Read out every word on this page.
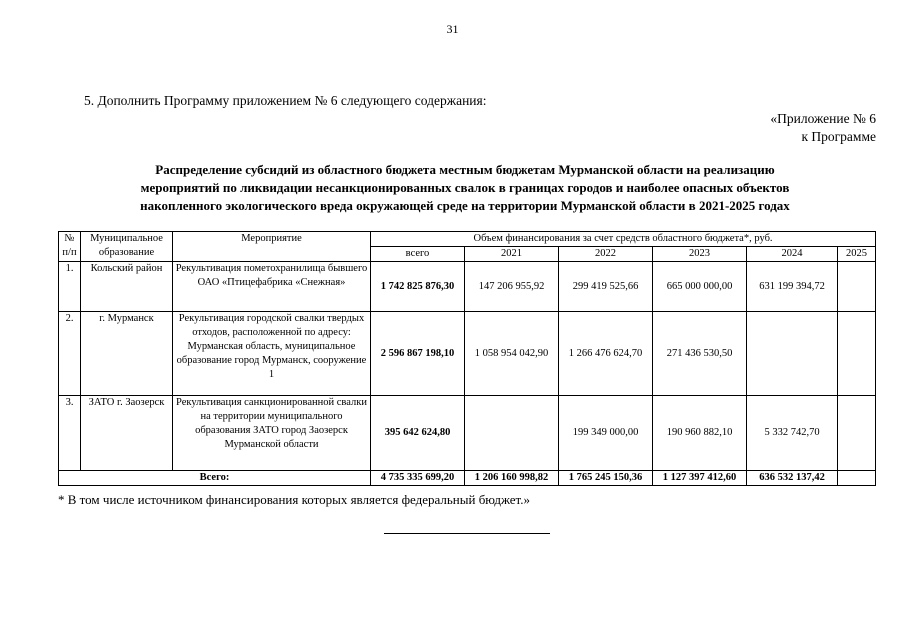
31
5. Дополнить Программу приложением № 6 следующего содержания:
«Приложение № 6
к Программе
Распределение субсидий из областного бюджета местным бюджетам Мурманской области на реализацию
мероприятий по ликвидации несанкционированных свалок в границах городов и наиболее опасных объектов
накопленного экологического вреда окружающей среде на территории Мурманской области в 2021-2025 годах
№ п/п	Муниципальное образование	Мероприятие	Объем финансирования за счет средств областного бюджета*, руб.					
			всего	2021	2022	2023	2024	2025
1.	Кольский район	Рекультивация пометохранилища бывшего ОАО «Птицефабрика «Снежная»	1 742 825 876,30	147 206 955,92	299 419 525,66	665 000 000,00	631 199 394,72	
2.	г. Мурманск	Рекультивация городской свалки твердых отходов, расположенной по адресу: Мурманская область, муниципальное образование город Мурманск, сооружение 1	2 596 867 198,10	1 058 954 042,90	1 266 476 624,70	271 436 530,50		
3.	ЗАТО г. Заозерск	Рекультивация санкционированной свалки на территории муниципального образования ЗАТО город Заозерск Мурманской области	395 642 624,80		199 349 000,00	190 960 882,10	5 332 742,70	
Всего:			4 735 335 699,20	1 206 160 998,82	1 765 245 150,36	1 127 397 412,60	636 532 137,42	
* В том числе источником финансирования которых является федеральный бюджет.»
